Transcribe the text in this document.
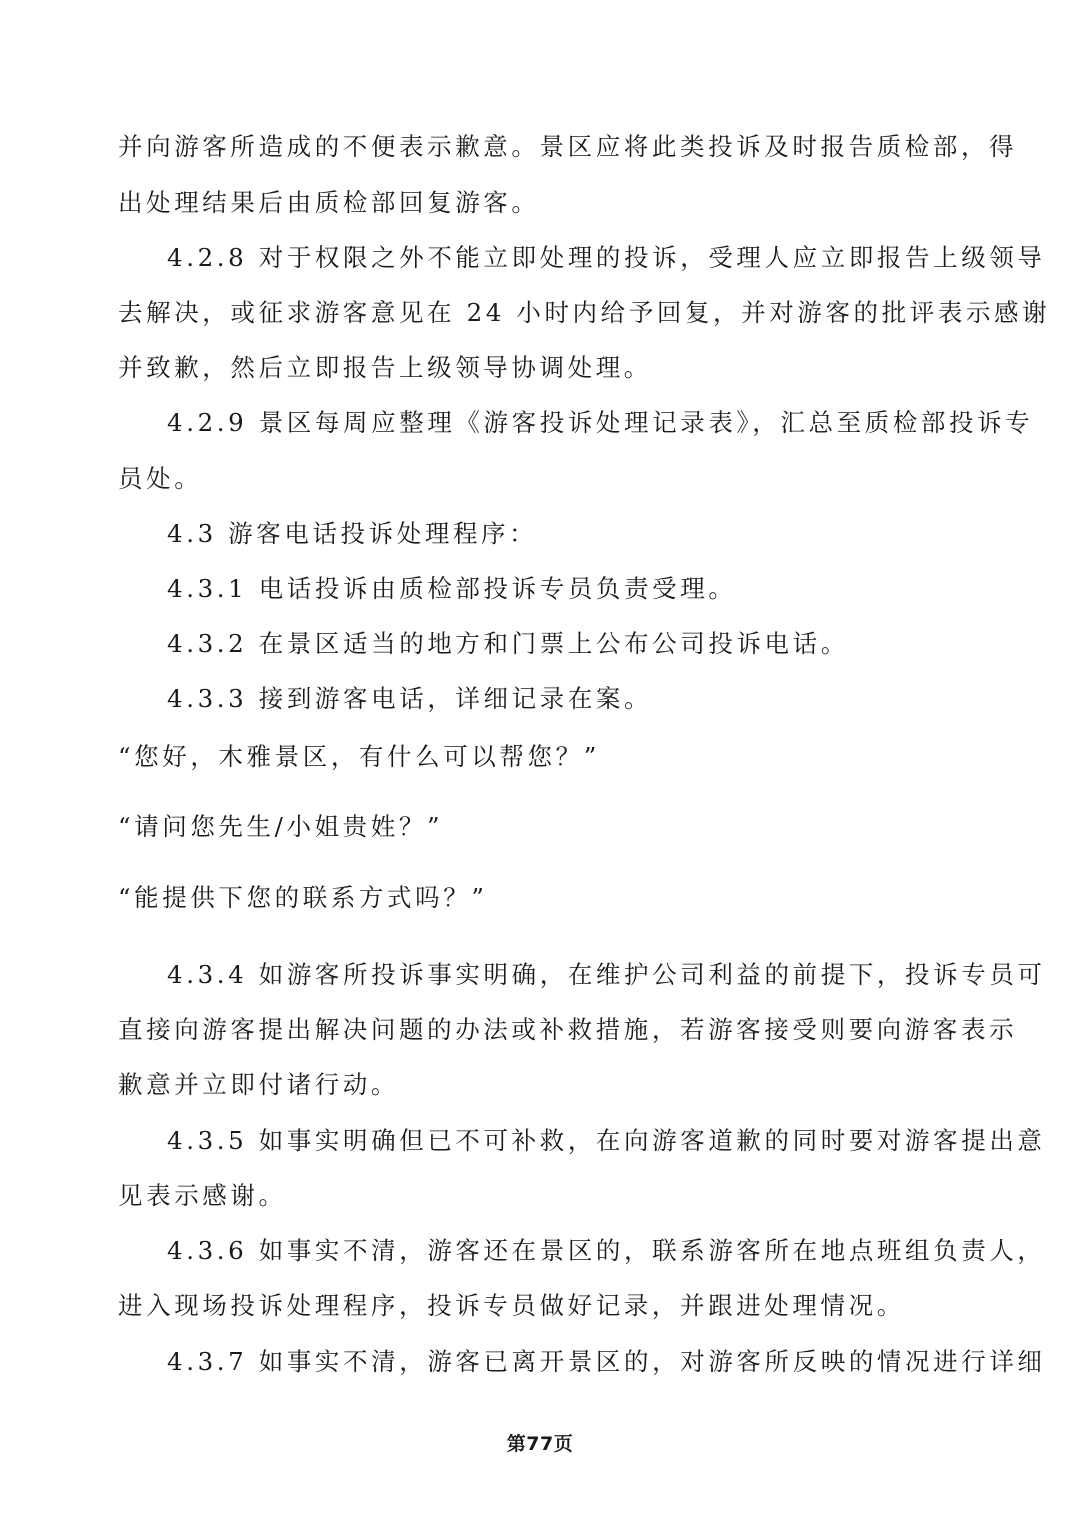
并向游客所造成的不便表示歉意。景区应将此类投诉及时报告质检部，得
出处理结果后由质检部回复游客。
4.2.8 对于权限之外不能立即处理的投诉，受理人应立即报告上级领导
去解决，或征求游客意见在 24 小时内给予回复，并对游客的批评表示感谢
并致歉，然后立即报告上级领导协调处理。
4.2.9 景区每周应整理《游客投诉处理记录表》，汇总至质检部投诉专
员处。
4.3 游客电话投诉处理程序：
4.3.1 电话投诉由质检部投诉专员负责受理。
4.3.2 在景区适当的地方和门票上公布公司投诉电话。
4.3.3 接到游客电话，详细记录在案。
“您好，木雅景区，有什么可以帮您？”
“请问您先生/小姐贵姓？”
“能提供下您的联系方式吗？”
4.3.4 如游客所投诉事实明确，在维护公司利益的前提下，投诉专员可
直接向游客提出解决问题的办法或补救措施，若游客接受则要向游客表示
歉意并立即付诸行动。
4.3.5 如事实明确但已不可补救，在向游客道歉的同时要对游客提出意
见表示感谢。
4.3.6 如事实不清，游客还在景区的，联系游客所在地点班组负责人，
进入现场投诉处理程序，投诉专员做好记录，并跟进处理情况。
4.3.7 如事实不清，游客已离开景区的，对游客所反映的情况进行详细
第77页
